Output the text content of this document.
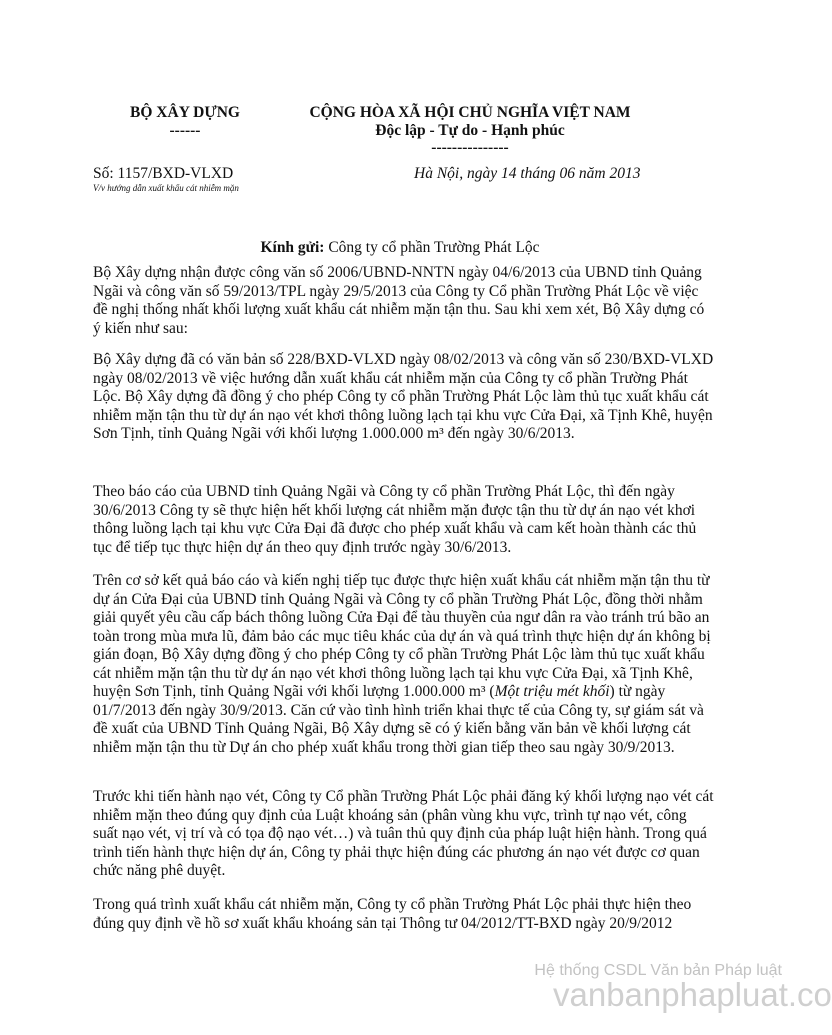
BỘ XÂY DỰNG
------
CỘNG HÒA XÃ HỘI CHỦ NGHĨA VIỆT NAM
Độc lập - Tự do - Hạnh phúc
---------------
Số: 1157/BXD-VLXD
V/v hướng dẫn xuất khẩu cát nhiễm mặn
Hà Nội, ngày 14 tháng 06 năm 2013
Kính gửi: Công ty cổ phần Trường Phát Lộc

Bộ Xây dựng nhận được công văn số 2006/UBND-NNTN ngày 04/6/2013 của UBND tỉnh Quảng Ngãi và công văn số 59/2013/TPL ngày 29/5/2013 của Công ty Cổ phần Trường Phát Lộc về việc đề nghị thống nhất khối lượng xuất khẩu cát nhiễm mặn tận thu. Sau khi xem xét, Bộ Xây dựng có ý kiến như sau:

Bộ Xây dựng đã có văn bản số 228/BXD-VLXD ngày 08/02/2013 và công văn số 230/BXD-VLXD ngày 08/02/2013 về việc hướng dẫn xuất khẩu cát nhiễm mặn của Công ty cổ phần Trường Phát Lộc. Bộ Xây dựng đã đồng ý cho phép Công ty cổ phần Trường Phát Lộc làm thủ tục xuất khẩu cát nhiễm mặn tận thu từ dự án nạo vét khơi thông luồng lạch tại khu vực Cửa Đại, xã Tịnh Khê, huyện Sơn Tịnh, tỉnh Quảng Ngãi với khối lượng 1.000.000 m³ đến ngày 30/6/2013.

Theo báo cáo của UBND tỉnh Quảng Ngãi và Công ty cổ phần Trường Phát Lộc, thì đến ngày 30/6/2013 Công ty sẽ thực hiện hết khối lượng cát nhiễm mặn được tận thu từ dự án nạo vét khơi thông luồng lạch tại khu vực Cửa Đại đã được cho phép xuất khẩu và cam kết hoàn thành các thủ tục để tiếp tục thực hiện dự án theo quy định trước ngày 30/6/2013.

Trên cơ sở kết quả báo cáo và kiến nghị tiếp tục được thực hiện xuất khẩu cát nhiễm mặn tận thu từ dự án Cửa Đại của UBND tỉnh Quảng Ngãi và Công ty cổ phần Trường Phát Lộc, đồng thời nhằm giải quyết yêu cầu cấp bách thông luồng Cửa Đại để tàu thuyền của ngư dân ra vào tránh trú bão an toàn trong mùa mưa lũ, đảm bảo các mục tiêu khác của dự án và quá trình thực hiện dự án không bị gián đoạn, Bộ Xây dựng đồng ý cho phép Công ty cổ phần Trường Phát Lộc làm thủ tục xuất khẩu cát nhiễm mặn tận thu từ dự án nạo vét khơi thông luồng lạch tại khu vực Cửa Đại, xã Tịnh Khê, huyện Sơn Tịnh, tỉnh Quảng Ngãi với khối lượng 1.000.000 m³ (Một triệu mét khối) từ ngày 01/7/2013 đến ngày 30/9/2013. Căn cứ vào tình hình triển khai thực tế của Công ty, sự giám sát và đề xuất của UBND Tỉnh Quảng Ngãi, Bộ Xây dựng sẽ có ý kiến bằng văn bản về khối lượng cát nhiễm mặn tận thu từ Dự án cho phép xuất khẩu trong thời gian tiếp theo sau ngày 30/9/2013.

Trước khi tiến hành nạo vét, Công ty Cổ phần Trường Phát Lộc phải đăng ký khối lượng nạo vét cát nhiễm mặn theo đúng quy định của Luật khoáng sản (phân vùng khu vực, trình tự nạo vét, công suất nạo vét, vị trí và có tọa độ nạo vét…) và tuân thủ quy định của pháp luật hiện hành. Trong quá trình tiến hành thực hiện dự án, Công ty phải thực hiện đúng các phương án nạo vét được cơ quan chức năng phê duyệt.

Trong quá trình xuất khẩu cát nhiễm mặn, Công ty cổ phần Trường Phát Lộc phải thực hiện theo đúng quy định về hồ sơ xuất khẩu khoáng sản tại Thông tư 04/2012/TT-BXD ngày 20/9/2012

Hệ thống CSDL Văn bản Pháp luật
vanbanphapluat.co
